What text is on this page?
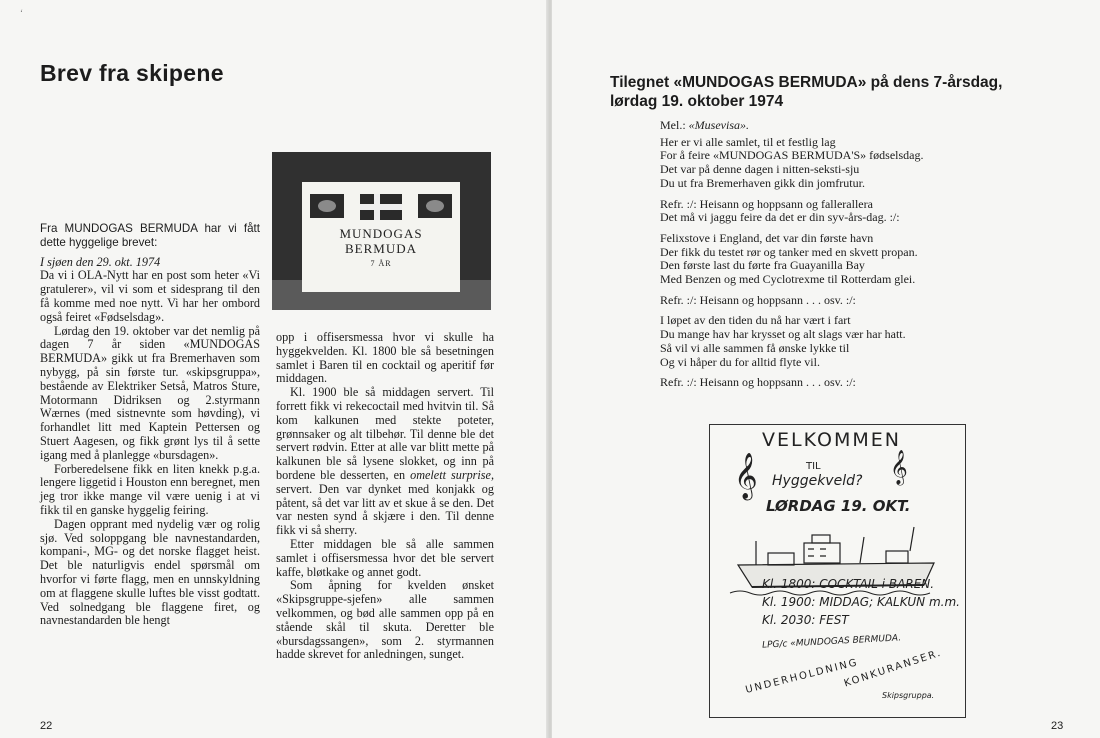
‘
Brev fra skipene
MUNDOGAS
BERMUDA
7 ÅR

Fra MUNDOGAS BERMUDA har vi fått dette hyggelige brevet:

I sjøen den 29. okt. 1974

Da vi i OLA-Nytt har en post som heter «Vi gratulerer», vil vi som et sidesprang til den få komme med noe nytt. Vi har her ombord også feiret «Fødselsdag».

Lørdag den 19. oktober var det nemlig på dagen 7 år siden «MUNDOGAS BERMUDA» gikk ut fra Bremerhaven som nybygg, på sin første tur. «skipsgruppa», bestående av Elektriker Setså, Matros Sture, Motormann Didriksen og 2.styrmann Wærnes (med sistnevnte som høvding), vi forhandlet litt med Kaptein Pettersen og Stuert Aagesen, og fikk grønt lys til å sette igang med å planlegge «bursdagen».

Forberedelsene fikk en liten knekk p.g.a. lengere liggetid i Houston enn beregnet, men jeg tror ikke mange vil være uenig i at vi fikk til en ganske hyggelig feiring.

Dagen opprant med nydelig vær og rolig sjø. Ved soloppgang ble navnestandarden, kompani-, MG- og det norske flagget heist. Det ble naturligvis endel spørsmål om hvorfor vi førte flagg, men en unnskyldning om at flaggene skulle luftes ble visst godtatt. Ved solnedgang ble flaggene firet, og navnestandarden ble hengt

opp i offisersmessa hvor vi skulle ha hyggekvelden. Kl. 1800 ble så besetningen samlet i Baren til en cocktail og aperitif før middagen.

Kl. 1900 ble så middagen servert. Til forrett fikk vi rekecoctail med hvitvin til. Så kom kalkunen med stekte poteter, grønnsaker og alt tilbehør. Til denne ble det servert rødvin. Etter at alle var blitt mette på kalkunen ble så lysene slokket, og inn på bordene ble desserten, en omelett surprise, servert. Den var dynket med konjakk og påtent, så det var litt av et skue å se den. Det var nesten synd å skjære i den. Til denne fikk vi så sherry.

Etter middagen ble så alle sammen samlet i offisersmessa hvor det ble servert kaffe, bløtkake og annet godt.

Som åpning for kvelden ønsket «Skipsgruppe-sjefen» alle sammen velkommen, og bød alle sammen opp på en stående skål til skuta. Deretter ble «bursdagssangen», som 2. styrmannen hadde skrevet for anledningen, sunget.

22
Tilegnet «MUNDOGAS BERMUDA» på dens 7-årsdag,
lørdag 19. oktober 1974

Mel.: «Musevisa».

Her er vi alle samlet, til et festlig lag
For å feire «MUNDOGAS BERMUDA'S» fødselsdag.
Det var på denne dagen i nitten-seksti-sju
Du ut fra Bremerhaven gikk din jomfrutur.

Refr. :/: Heisann og hoppsann og fallerallera
Det må vi jaggu feire da det er din syv-års-dag. :/:

Felixstove i England, det var din første havn
Der fikk du testet rør og tanker med en skvett propan.
Den første last du førte fra Guayanilla Bay
Med Benzen og med Cyclotrexme til Rotterdam glei.

Refr. :/: Heisann og hoppsann . . . osv. :/:

I løpet av den tiden du nå har vært i fart
Du mange hav har krysset og alt slags vær har hatt.
Så vil vi alle sammen få ønske lykke til
Og vi håper du for alltid flyte vil.

Refr. :/: Heisann og hoppsann . . . osv. :/:

𝄞	𝄞
VELKOMMEN
TIL
Hyggekveld?
LØRDAG 19. OKT.
Kl. 1800: COCKTAIL i BAREN.
Kl. 1900: MIDDAG; KALKUN m.m.
Kl. 2030: FEST
LPG/c «MUNDOGAS BERMUDA.
UNDERHOLDNING
KONKURANSER.
Skipsgruppa.
23
